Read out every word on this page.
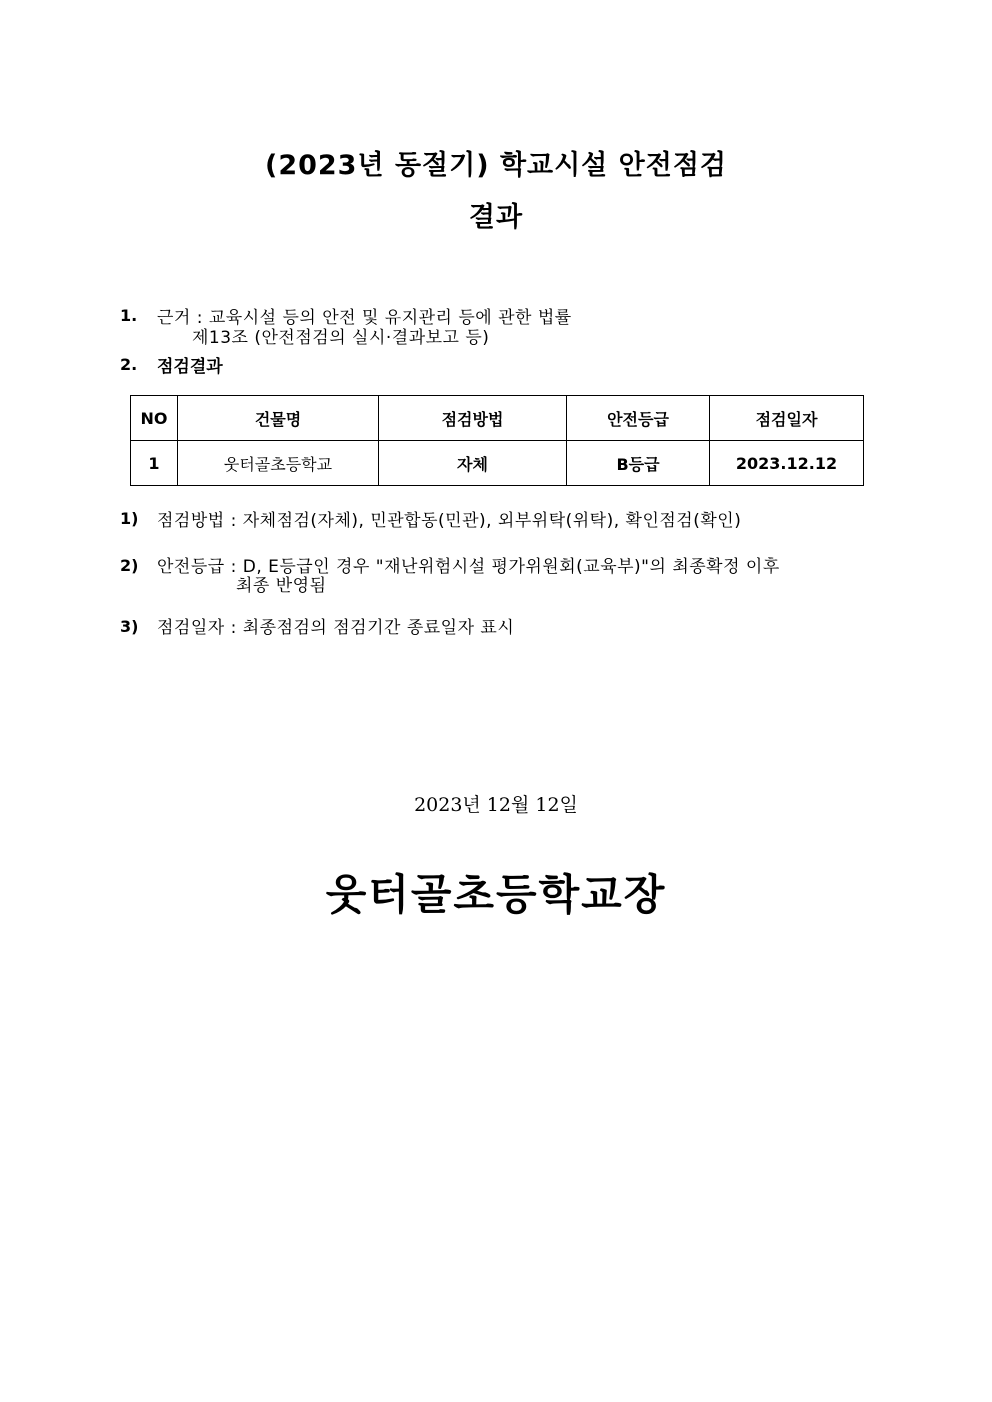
(2023년 동절기) 학교시설 안전점검
결과
1. 근거 : 교육시설 등의 안전 및 유지관리 등에 관한 법률
제13조 (안전점검의 실시·결과보고 등)
2. 점검결과
NO	건물명	점검방법	안전등급	점검일자
1	웃터골초등학교	자체	B등급	2023.12.12
1) 점검방법 : 자체점검(자체), 민관합동(민관), 외부위탁(위탁), 확인점검(확인)
2) 안전등급 : D, E등급인 경우 "재난위험시설 평가위원회(교육부)"의 최종확정 이후
최종 반영됨
3) 점검일자 : 최종점검의 점검기간 종료일자 표시
2023년 12월 12일
웃터골초등학교장
